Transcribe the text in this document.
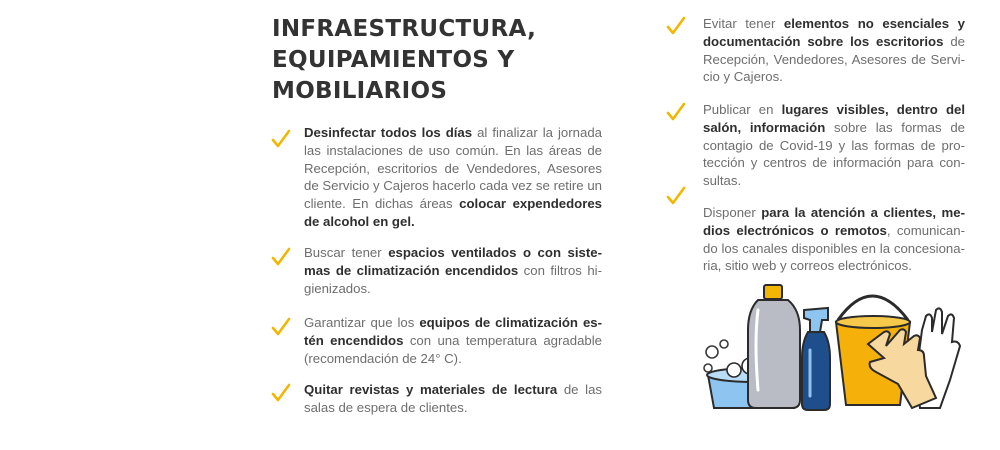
INFRAESTRUCTURA,
EQUIPAMIENTOS Y
MOBILIARIOS

Desinfectar todos los días al finalizar la jornada las instalaciones de uso común. En las áreas de Recepción, escritorios de Vendedores, Asesores de Servicio y Cajeros hacerlo cada vez se retire un cliente. En dichas áreas colocar expendedores de alcohol en gel.

Buscar tener espacios ventilados o con siste-mas de climatización encendidos con filtros hi-gienizados.

Garantizar que los equipos de climatización es-tén encendidos con una temperatura agradable (recomendación de 24° C).

Quitar revistas y materiales de lectura de las salas de espera de clientes.

Evitar tener elementos no esenciales y documentación sobre los escritorios de Recepción, Vendedores, Asesores de Servi-cio y Cajeros.

Publicar en lugares visibles, dentro del salón, información sobre las formas de contagio de Covid-19 y las formas de pro-tección y centros de información para con-sultas.

Disponer para la atención a clientes, me-dios electrónicos o remotos, comunican-do los canales disponibles en la concesiona-ria, sitio web y correos electrónicos.
